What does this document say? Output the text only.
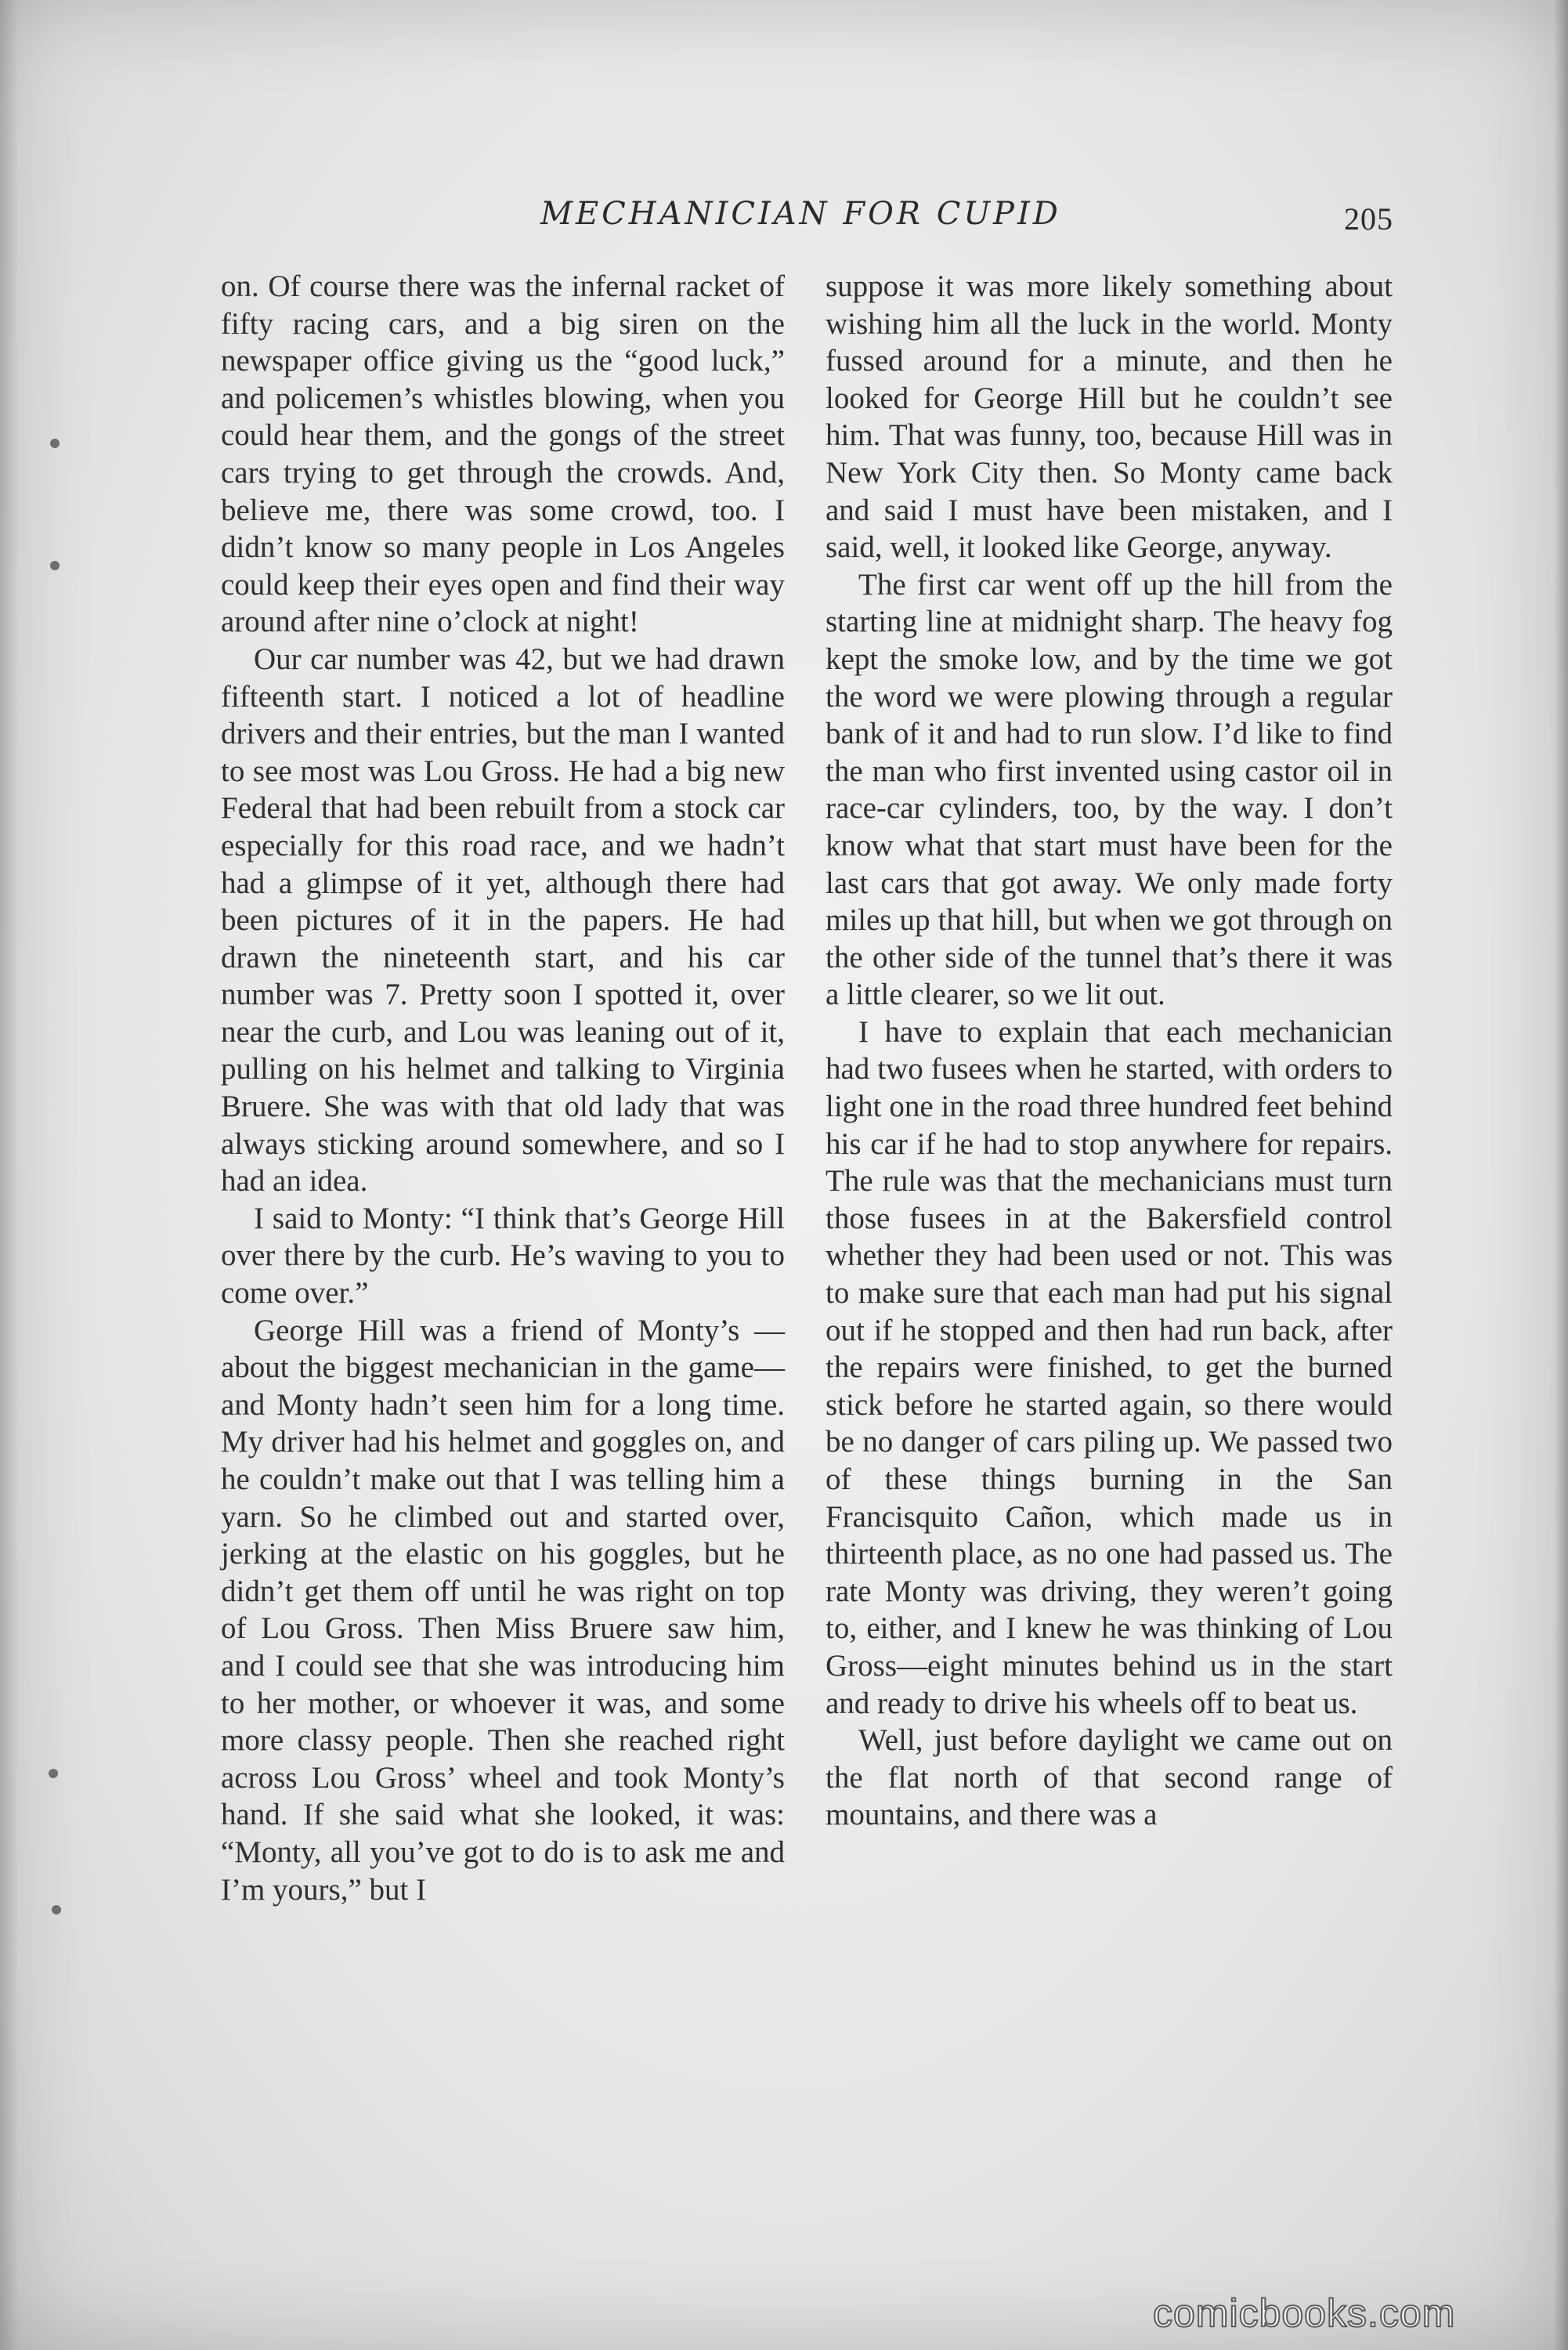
MECHANICIAN FOR CUPID	205

on. Of course there was the infernal racket of fifty racing cars, and a big siren on the newspaper office giving us the “good luck,” and policemen’s whistles blowing, when you could hear them, and the gongs of the street cars trying to get through the crowds. And, believe me, there was some crowd, too. I didn’t know so many people in Los Angeles could keep their eyes open and find their way around after nine o’clock at night!

Our car number was 42, but we had drawn fifteenth start. I noticed a lot of headline drivers and their entries, but the man I wanted to see most was Lou Gross. He had a big new Federal that had been rebuilt from a stock car especially for this road race, and we hadn’t had a glimpse of it yet, although there had been pictures of it in the papers. He had drawn the nineteenth start, and his car number was 7. Pretty soon I spotted it, over near the curb, and Lou was leaning out of it, pulling on his helmet and talking to Virginia Bruere. She was with that old lady that was always sticking around somewhere, and so I had an idea.

I said to Monty: “I think that’s George Hill over there by the curb. He’s waving to you to come over.”

George Hill was a friend of Monty’s —about the biggest mechanician in the game—and Monty hadn’t seen him for a long time. My driver had his helmet and goggles on, and he couldn’t make out that I was telling him a yarn. So he climbed out and started over, jerking at the elastic on his goggles, but he didn’t get them off until he was right on top of Lou Gross. Then Miss Bruere saw him, and I could see that she was introducing him to her mother, or whoever it was, and some more classy people. Then she reached right across Lou Gross’ wheel and took Monty’s hand. If she said what she looked, it was: “Monty, all you’ve got to do is to ask me and I’m yours,” but I

suppose it was more likely something about wishing him all the luck in the world. Monty fussed around for a minute, and then he looked for George Hill but he couldn’t see him. That was funny, too, because Hill was in New York City then. So Monty came back and said I must have been mistaken, and I said, well, it looked like George, anyway.

The first car went off up the hill from the starting line at midnight sharp. The heavy fog kept the smoke low, and by the time we got the word we were plowing through a regular bank of it and had to run slow. I’d like to find the man who first invented using castor oil in race-car cylinders, too, by the way. I don’t know what that start must have been for the last cars that got away. We only made forty miles up that hill, but when we got through on the other side of the tunnel that’s there it was a little clearer, so we lit out.

I have to explain that each mechanician had two fusees when he started, with orders to light one in the road three hundred feet behind his car if he had to stop anywhere for repairs. The rule was that the mechanicians must turn those fusees in at the Bakersfield control whether they had been used or not. This was to make sure that each man had put his signal out if he stopped and then had run back, after the repairs were finished, to get the burned stick before he started again, so there would be no danger of cars piling up. We passed two of these things burning in the San Francisquito Cañon, which made us in thirteenth place, as no one had passed us. The rate Monty was driving, they weren’t going to, either, and I knew he was thinking of Lou Gross—eight minutes behind us in the start and ready to drive his wheels off to beat us.

Well, just before daylight we came out on the flat north of that second range of mountains, and there was a

comicbooks.com
